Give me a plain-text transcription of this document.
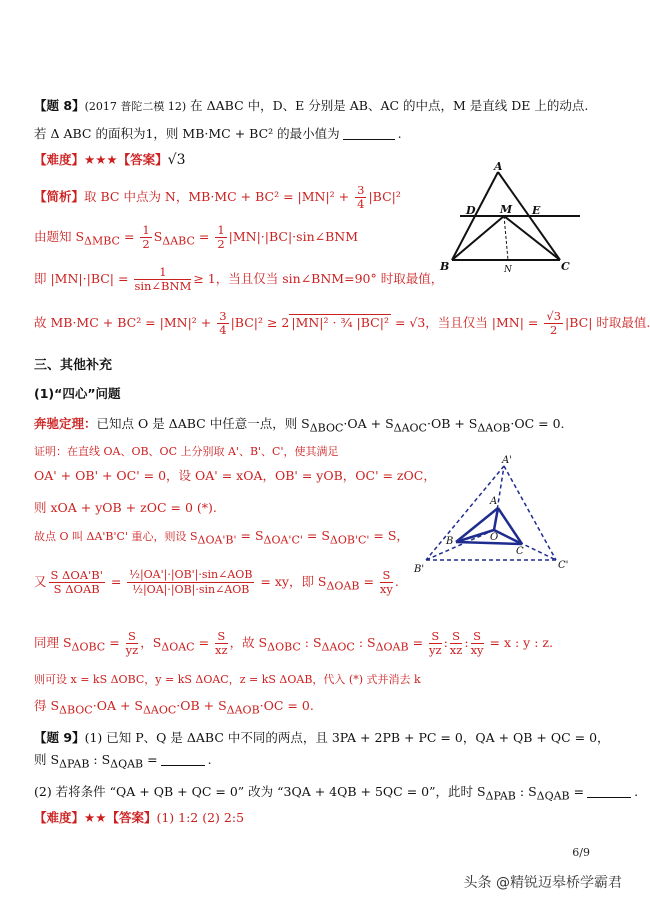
【题 8】(2017 普陀二模 12) 在 ΔABC 中，D、E 分别是 AB、AC 的中点，M 是直线 DE 上的动点.
若 Δ ABC 的面积为1，则 MB·MC + BC² 的最小值为	.
【难度】★★★【答案】√3
【简析】取 BC 中点为 N，$MB\cdot MC + BC^2 = |MN|^2 + \frac{3}{4} |BC|^2$
由题知 $S_{\Delta MBC} = \frac{1}{2} S_{\Delta ABC} = \frac{1}{2}$ |MN|·|BC|·sin∠BNM
即 $|MN|\cdot|BC| = \frac{1}{\text{sin∠BNM}} \ge 1$，当且仅当 sin∠BNM=90° 时取最值，
故 $MB\cdot MC + BC^2 = |MN|^2 + \frac{3}{4} |BC|^2 \ge 2$ |MN|² · ¾ |BC|² = √3，当且仅当 $|MN| = \frac{√3}{2} |BC|$ 时取最值.
A
D M E
B	C
N
三、其他补充
(1)“四心”问题
奔驰定理：已知点 O 是 ΔABC 中任意一点，则 $S_{\Delta BOC}\cdot OA + S_{\Delta AOC}\cdot OB + S_{\Delta AOB}\cdot OC = 0$.
证明：在直线 OA、OB、OC 上分别取 A'、B'、C'，使其满足
OA' + OB' + OC' = 0，设 OA' = xOA，OB' = yOB，OC' = zOC，
则 xOA + yOB + zOC = 0 (*).
故点 O 叫 ΔA'B'C' 重心，则设 $S_{\Delta OA'B'} = S_{\Delta OA'C'} = S_{\Delta OB'C'} = S$，
又 $\frac{\text{S ΔOA'B'}}{\text{S ΔOAB}} = \frac{\text{½|OA'|·|OB'|·sin∠AOB}}{\text{½|OA|·|OB|·sin∠AOB}}$ = xy，即 $S_{\Delta OAB} = \frac{S}{xy}$ .
同理 $S_{\Delta OBC} = \frac{S}{yz}$ ，$S_{\Delta OAC} = \frac{S}{xz}$ ，故 $S_{\Delta OBC}$ : $S_{\Delta AOC}$ : $S_{\Delta OAB} = \frac{S}{yz}$ : $\frac{S}{xz}$ : $\frac{S}{xy} = x$ : y : z.
则可设 x = kS ΔOBC，y = kS ΔOAC，z = kS ΔOAB，代入 (*) 式并消去 k
得 $S_{\Delta BOC}\cdot OA + S_{\Delta AOC}\cdot OB + S_{\Delta AOB}\cdot OC = 0$.
A'
A
O
B
C
B'	C'
【题 9】(1) 已知 P、Q 是 ΔABC 中不同的两点，且 3PA + 2PB + PC = 0，QA + QB + QC = 0，
则 $S_{\Delta PAB}$ : $S_{\Delta QAB}$ =	.
(2) 若将条件 “QA + QB + QC = 0” 改为 “3QA + 4QB + 5QC = 0”，此时 $S_{\Delta PAB}$ : $S_{\Delta QAB}$ =	.
【难度】★★【答案】(1) 1:2 (2) 2:5
6/9
头条 @精锐迈皋桥学霸君
